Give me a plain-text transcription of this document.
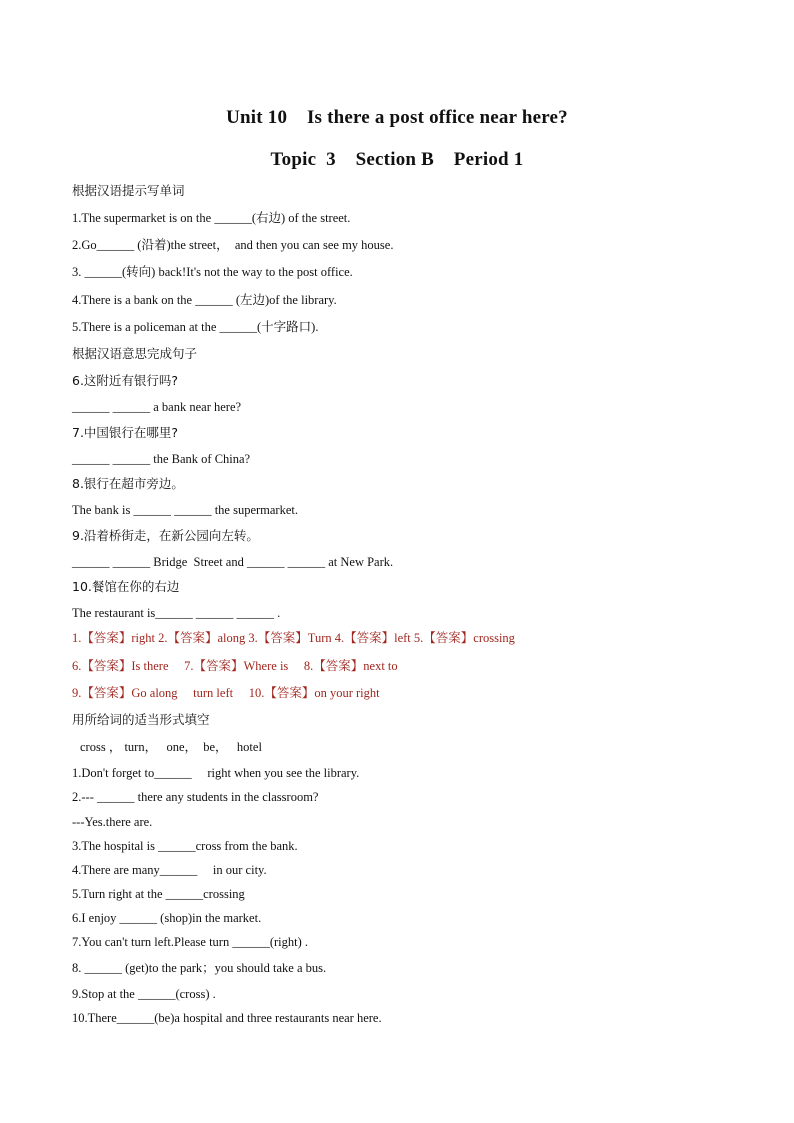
Unit 10    Is there a post office near here?
Topic  3    Section B    Period 1
根据汉语提示写单词
1.The supermarket is on the ______(右边) of the street.
2.Go______ (沿着)the street，  and then you can see my house.
3. ______(转向) back!It's not the way to the post office.
4.There is a bank on the ______ (左边)of the library.
5.There is a policeman at the ______(十字路口).
根据汉语意思完成句子
6.这附近有银行吗?
______ ______ a bank near here?
7.中国银行在哪里?
______ ______ the Bank of China?
8.银行在超市旁边。
The bank is ______ ______ the supermarket.
9.沿着桥街走，在新公园向左转。
______ ______ Bridge  Street and ______ ______ at New Park.
10.餐馆在你的右边
The restaurant is______ ______ ______ .
1.【答案】right 2.【答案】along 3.【答案】Turn 4.【答案】left 5.【答案】crossing
6.【答案】Is there     7.【答案】Where is     8.【答案】next to
9.【答案】Go along     turn left     10.【答案】on your right
用所给词的适当形式填空
cross ， turn，   one，  be，   hotel
1.Don't forget to______     right when you see the library.
2.--- ______ there any students in the classroom?
---Yes.there are.
3.The hospital is ______cross from the bank.
4.There are many______     in our city.
5.Turn right at the ______crossing
6.I enjoy ______ (shop)in the market.
7.You can't turn left.Please turn ______(right) .
8. ______ (get)to the park；you should take a bus.
9.Stop at the ______(cross) .
10.There______(be)a hospital and three restaurants near here.
